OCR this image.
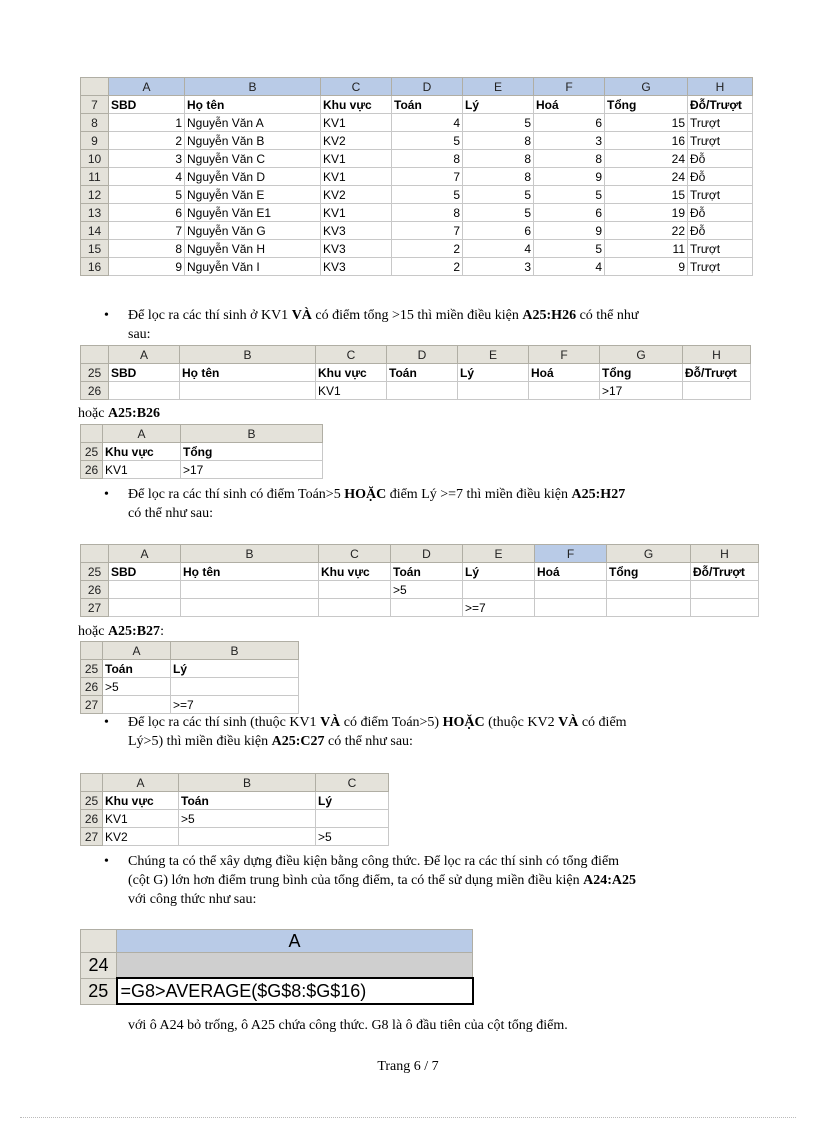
	A	B	C	D	E	F	G	H
7	SBD	Họ tên	Khu vực	Toán	Lý	Hoá	Tổng	Đỗ/Trượt
8	1	Nguyễn Văn A	KV1	4	5	6	15	Trượt
9	2	Nguyễn Văn B	KV2	5	8	3	16	Trượt
10	3	Nguyễn Văn C	KV1	8	8	8	24	Đỗ
11	4	Nguyễn Văn D	KV1	7	8	9	24	Đỗ
12	5	Nguyễn Văn E	KV2	5	5	5	15	Trượt
13	6	Nguyễn Văn E1	KV1	8	5	6	19	Đỗ
14	7	Nguyễn Văn G	KV3	7	6	9	22	Đỗ
15	8	Nguyễn Văn H	KV3	2	4	5	11	Trượt
16	9	Nguyễn Văn I	KV3	2	3	4	9	Trượt
• Để lọc ra các thí sinh ở KV1 VÀ có điểm tổng >15 thì miền điều kiện A25:H26 có thể như
sau:
	A	B	C	D	E	F	G	H
25	SBD	Họ tên	Khu vực	Toán	Lý	Hoá	Tổng	Đỗ/Trượt
26			KV1				>17	
hoặc A25:B26
	A	B
25	Khu vực	Tổng
26	KV1	>17
• Để lọc ra các thí sinh có điểm Toán>5 HOẶC điểm Lý >=7 thì miền điều kiện A25:H27
có thể như sau:
	A	B	C	D	E	F	G	H
25	SBD	Họ tên	Khu vực	Toán	Lý	Hoá	Tổng	Đỗ/Trượt
26				>5				
27					>=7			
hoặc A25:B27:
	A	B
25	Toán	Lý
26	>5	
27		>=7
• Để lọc ra các thí sinh (thuộc KV1 VÀ có điểm Toán>5) HOẶC (thuộc KV2 VÀ có điểm
Lý>5) thì miền điều kiện A25:C27 có thể như sau:
	A	B	C
25	Khu vực	Toán	Lý
26	KV1	>5	
27	KV2		>5
• Chúng ta có thể xây dựng điều kiện bằng công thức. Để lọc ra các thí sinh có tổng điểm
(cột G) lớn hơn điểm trung bình của tổng điểm, ta có thể sử dụng miền điều kiện A24:A25
với công thức như sau:
	A
24	
25	=G8>AVERAGE($G$8:$G$16)
với ô A24 bỏ trống, ô A25 chứa công thức. G8 là ô đầu tiên của cột tổng điểm.
Trang 6 / 7
